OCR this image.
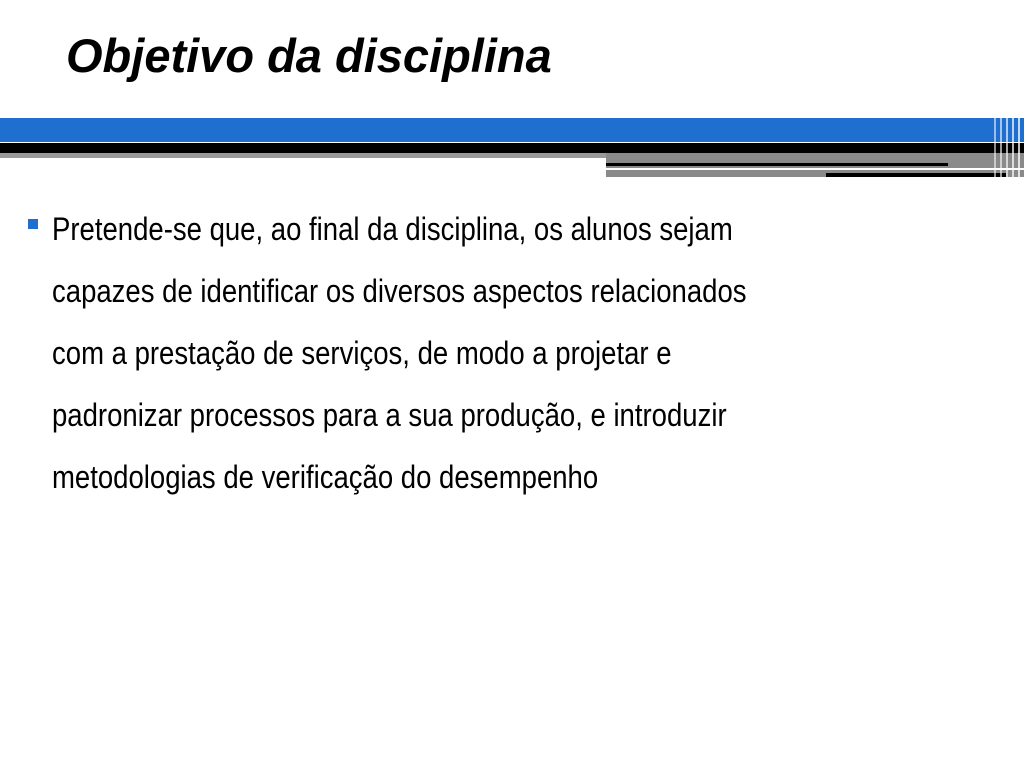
Objetivo da disciplina
Pretende-se que, ao final da disciplina, os alunos sejam
capazes de identificar os diversos aspectos relacionados
com a prestação de serviços, de modo a projetar e
padronizar processos para a sua produção, e introduzir
metodologias de verificação do desempenho
